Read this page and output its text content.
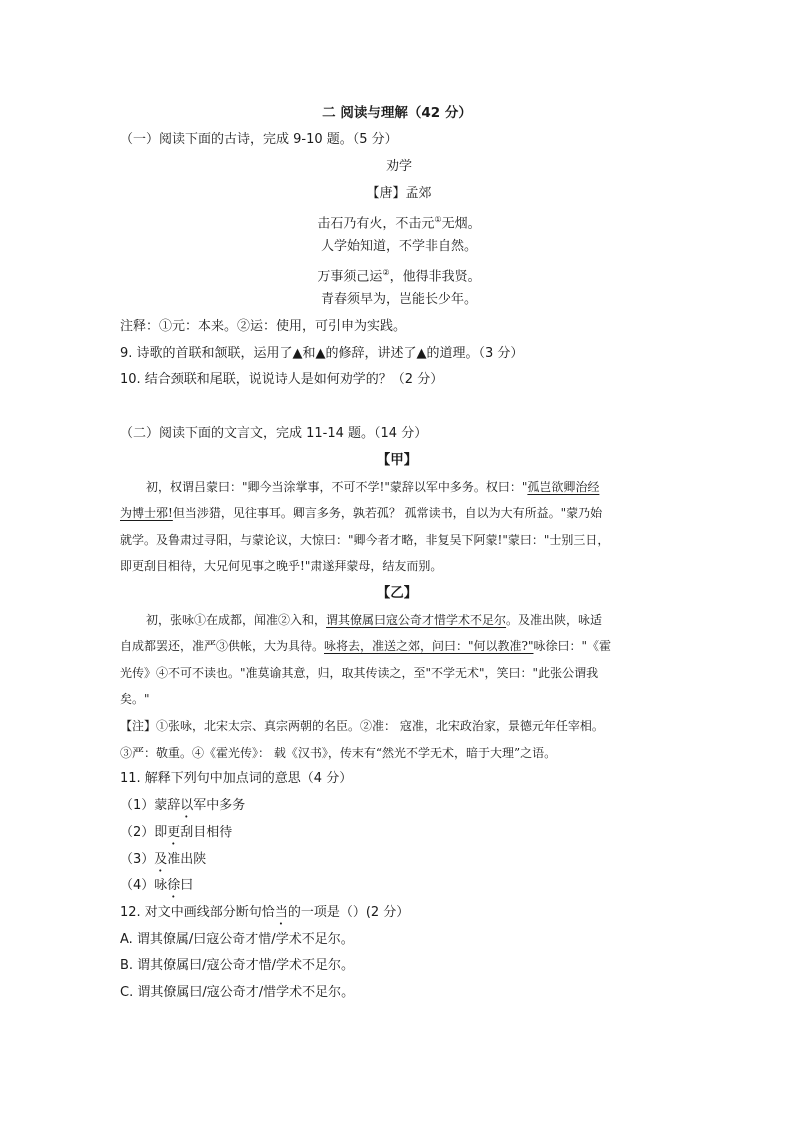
二 阅读与理解（42 分）
（一）阅读下面的古诗，完成 9-10 题。（5 分）
劝学
【唐】孟郊
击石乃有火，不击元①无烟。
人学始知道，不学非自然。
万事须己运②，他得非我贤。
青春须早为，岂能长少年。
注释：①元：本来。②运：使用，可引申为实践。
9. 诗歌的首联和颔联，运用了▲和▲的修辞，讲述了▲的道理。（3 分）
10. 结合颈联和尾联，说说诗人是如何劝学的？（2 分）
（二）阅读下面的文言文，完成 11-14 题。（14 分）
【甲】
初，权谓吕蒙曰："卿今当涂掌事，不可不学!"蒙辞以军中多务。权曰："孤岂欲卿治经
为博士邪!但当涉猎，见往事耳。卿言多务，孰若孤？ 孤常读书，自以为大有所益。"蒙乃始
就学。及鲁肃过寻阳，与蒙论议，大惊曰："卿今者才略，非复吴下阿蒙!"蒙曰："士别三日，
即更刮目相待，大兄何见事之晚乎!"肃遂拜蒙母，结友而别。
【乙】
初，张咏①在成都，闻准②入和，谓其僚属曰寇公奇才惜学术不足尔。及准出陕，咏适
自成都罢还，准严③供帐，大为具待。咏将去，准送之郊，问曰："何以教准?"咏徐曰："《霍
光传》④不可不读也。"准莫谕其意，归，取其传读之，至"不学无术"，笑曰："此张公谓我
矣。"
【注】①张咏，北宋太宗、真宗两朝的名臣。②准： 寇准，北宋政治家，景德元年任宰相。
③严：敬重。④《霍光传》： 载《汉书》，传末有“然光不学无术，暗于大理”之语。
11. 解释下列句中加点词的意思（4 分）
（1）蒙辞以军中多务
（2）即更刮目相待
（3）及准出陕
（4）咏徐曰
12. 对文中画线部分断句恰当的一项是（）(2 分）
A. 谓其僚属/曰寇公奇才惜/学术不足尔。
B. 谓其僚属曰/寇公奇才惜/学术不足尔。
C. 谓其僚属曰/寇公奇才/惜学术不足尔。
